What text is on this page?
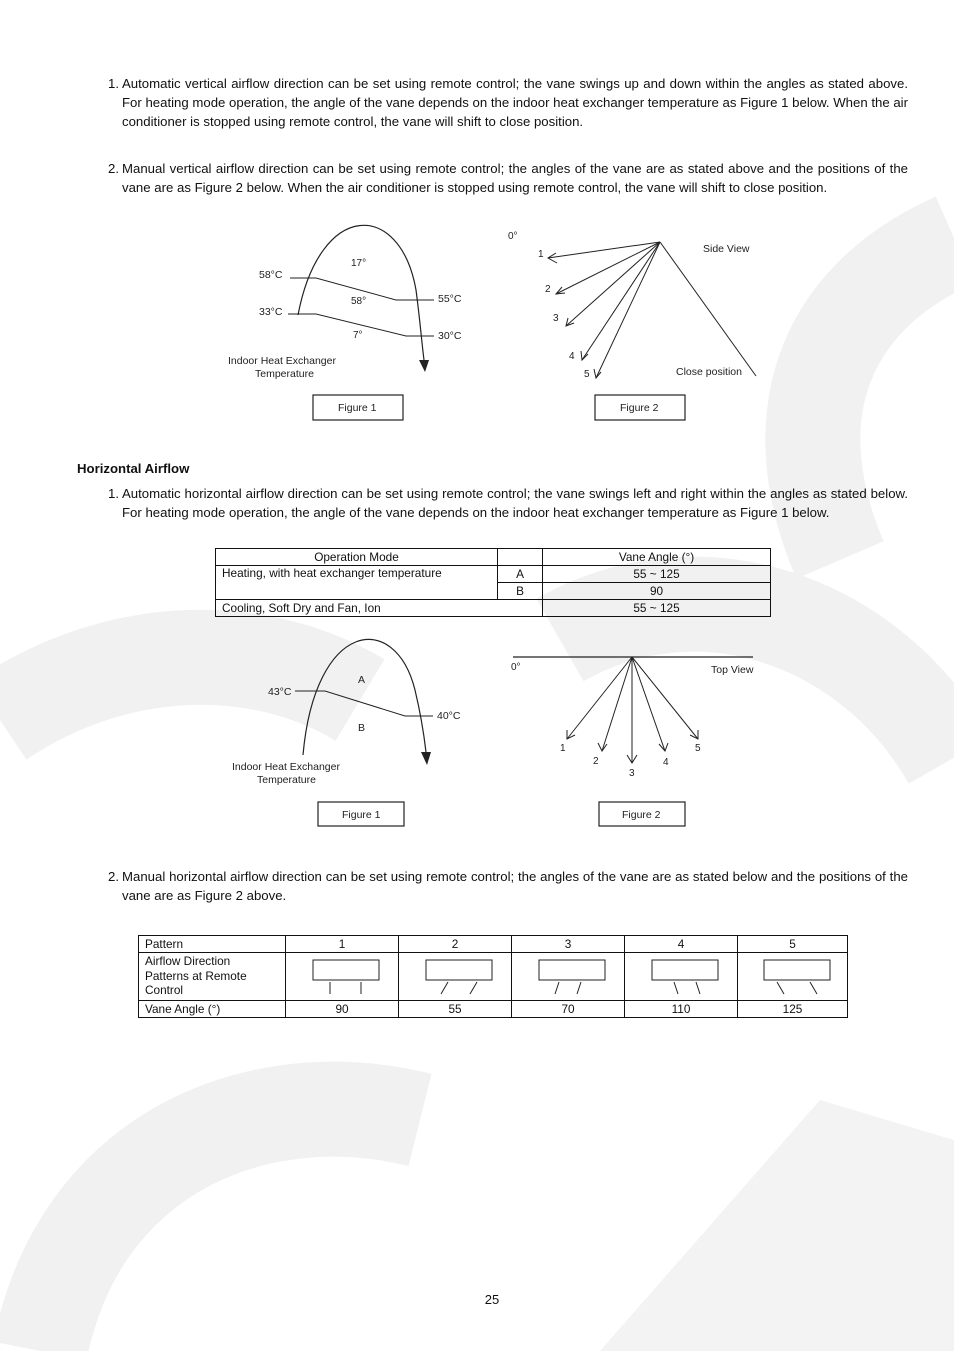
1. Automatic vertical airflow direction can be set using remote control; the vane swings up and down within the angles as stated above. For heating mode operation, the angle of the vane depends on the indoor heat exchanger temperature as Figure 1 below. When the air conditioner is stopped using remote control, the vane will shift to close position.
2. Manual vertical airflow direction can be set using remote control; the angles of the vane are as stated above and the positions of the vane are as Figure 2 below. When the air conditioner is stopped using remote control, the vane will shift to close position.
58°C
33°C
17°
58°
7°
55°C
30°C
Indoor Heat Exchanger
Temperature
Figure 1
0°
Side View
Close position
1
2
3
4
5
Figure 2
Horizontal Airflow
1. Automatic horizontal airflow direction can be set using remote control; the vane swings left and right within the angles as stated below. For heating mode operation, the angle of the vane depends on the indoor heat exchanger temperature as Figure 1 below.
Operation Mode		Vane Angle (°)
Heating, with heat exchanger temperature	A	55 ~ 125
	B	90
Cooling, Soft Dry and Fan, Ion		55 ~ 125
43°C
40°C
A
B
Indoor Heat Exchanger
Temperature
Figure 1
0°	Top View
1
2
3
4
5
Figure 2
2. Manual horizontal airflow direction can be set using remote control; the angles of the vane are as stated below and the positions of the vane are as Figure 2 above.
Pattern	1	2	3	4	5
Airflow Direction
Patterns at Remote
Control					
Vane Angle (°)	90	55	70	110	125
25
